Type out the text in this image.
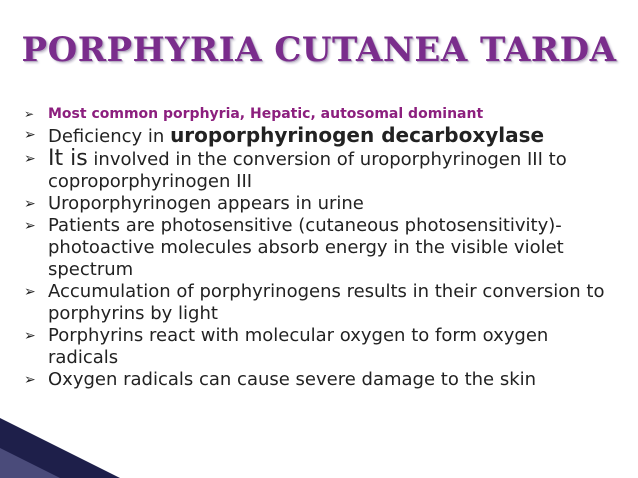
PORPHYRIA CUTANEA TARDA
➢ Most common porphyria, Hepatic, autosomal dominant
➢ Deficiency in uroporphyrinogen decarboxylase
➢ It is involved in the conversion of uroporphyrinogen III to coproporphyrinogen III
➢ Uroporphyrinogen appears in urine
➢ Patients are photosensitive (cutaneous photosensitivity)- photoactive molecules absorb energy in the visible violet spectrum
➢ Accumulation of porphyrinogens results in their conversion to porphyrins by light
➢ Porphyrins react with molecular oxygen to form oxygen radicals
➢ Oxygen radicals can cause severe damage to the skin
